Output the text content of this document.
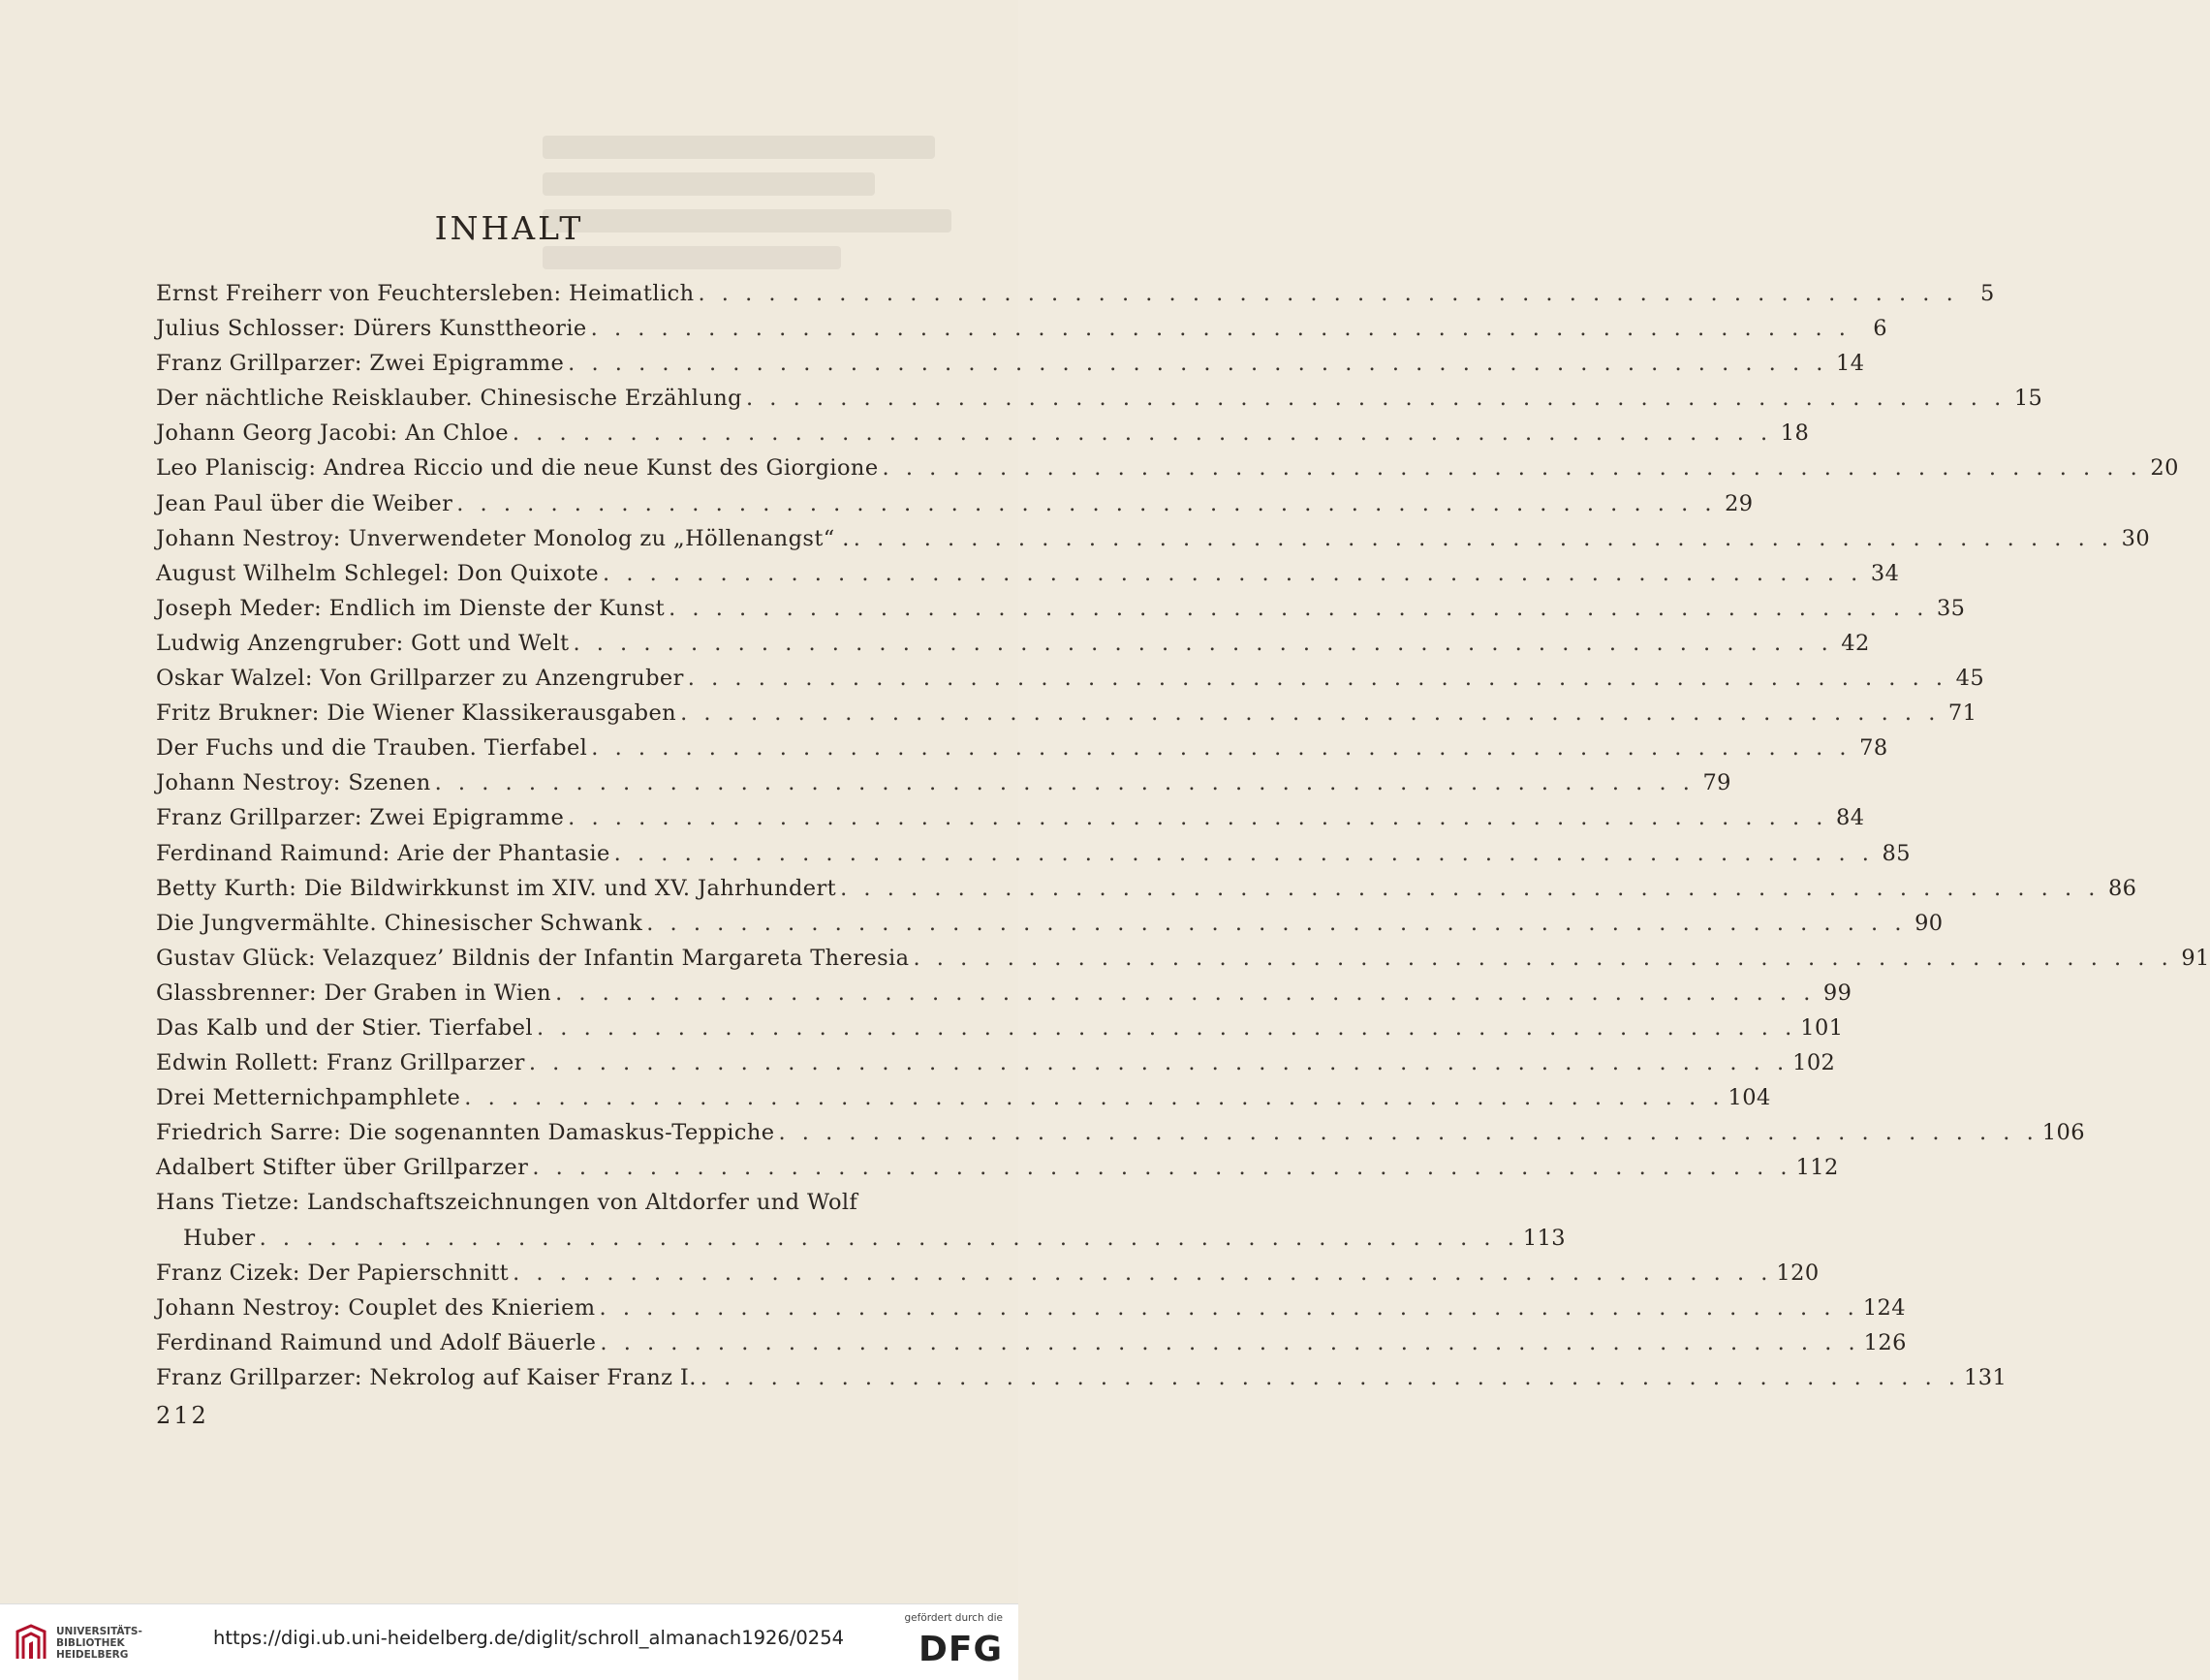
INHALT
Ernst Freiherr von Feuchtersleben: Heimatlich . . .	5
Julius Schlosser: Dürers Kunsttheorie . . .	6
Franz Grillparzer: Zwei Epigramme . . .	14
Der nächtliche Reisklauber. Chinesische Erzählung . . .	15
Johann Georg Jacobi: An Chloe . . .	18
Leo Planiscig: Andrea Riccio und die neue Kunst des Giorgione . . .	20
Jean Paul über die Weiber . . .	29
Johann Nestroy: Unverwendeter Monolog zu „Höllenangst“ . . . .	30
August Wilhelm Schlegel: Don Quixote . . .	34
Joseph Meder: Endlich im Dienste der Kunst . . .	35
Ludwig Anzengruber: Gott und Welt . . .	42
Oskar Walzel: Von Grillparzer zu Anzengruber . . .	45
Fritz Brukner: Die Wiener Klassikerausgaben . . .	71
Der Fuchs und die Trauben. Tierfabel . . .	78
Johann Nestroy: Szenen . . .	79
Franz Grillparzer: Zwei Epigramme . . .	84
Ferdinand Raimund: Arie der Phantasie . . .	85
Betty Kurth: Die Bildwirkkunst im XIV. und XV. Jahrhundert . . .	86
Die Jungvermählte. Chinesischer Schwank . . .	90
Gustav Glück: Velazquez’ Bildnis der Infantin Margareta Theresia . . .	91
Glassbrenner: Der Graben in Wien . . .	99
Das Kalb und der Stier. Tierfabel . . .	101
Edwin Rollett: Franz Grillparzer . . .	102
Drei Metternichpamphlete . . .	104
Friedrich Sarre: Die sogenannten Damaskus-Teppiche . . .	106
Adalbert Stifter über Grillparzer . . .	112
Hans Tietze: Landschaftszeichnungen von Altdorfer und Wolf
Huber . . .	113
Franz Cizek: Der Papierschnitt . . .	120
Johann Nestroy: Couplet des Knieriem . . .	124
Ferdinand Raimund und Adolf Bäuerle . . .	126
Franz Grillparzer: Nekrolog auf Kaiser Franz I. . . .	131
212
UNIVERSITÄTS-
BIBLIOTHEK
HEIDELBERG
https://digi.ub.uni-heidelberg.de/diglit/schroll_almanach1926/0254
gefördert durch die
DFG
